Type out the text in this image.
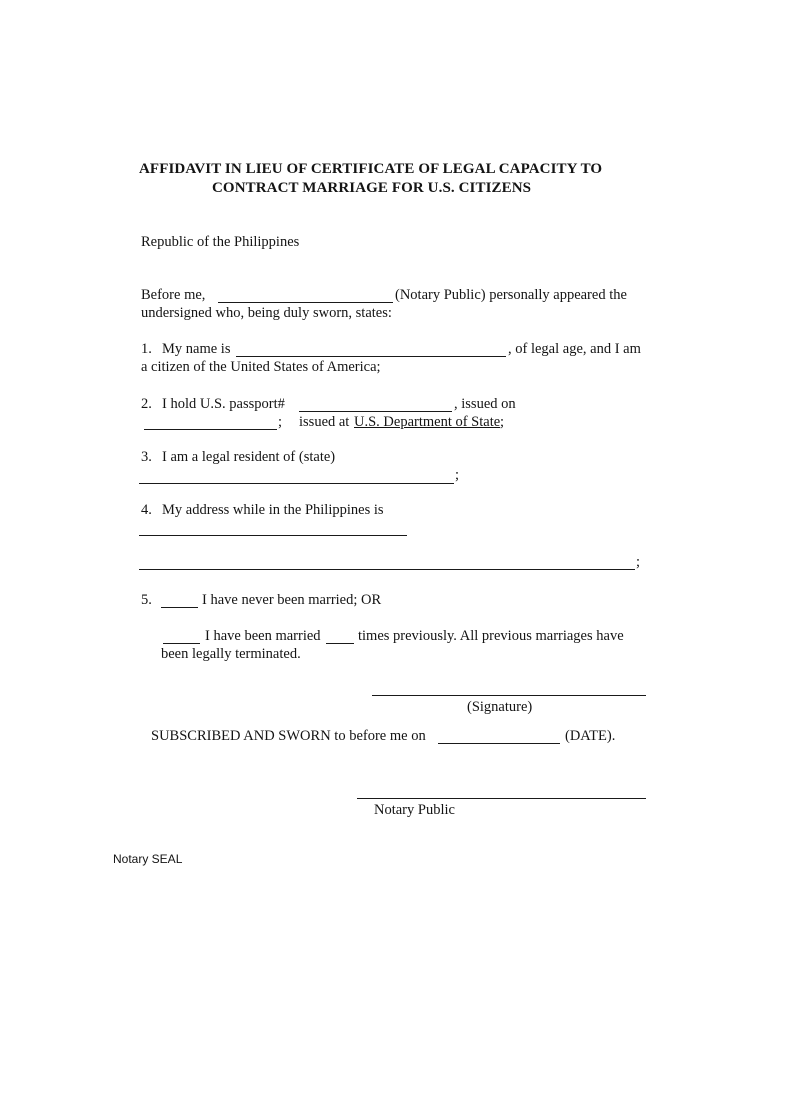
AFFIDAVIT IN LIEU OF CERTIFICATE OF LEGAL CAPACITY TO
CONTRACT MARRIAGE FOR U.S. CITIZENS
Republic of the Philippines
Before me,	(Notary Public) personally appeared the
undersigned who, being duly sworn, states:
1. My name is	, of legal age, and I am
a citizen of the United States of America;
2. I hold U.S. passport#	, issued on
; issued at U.S. Department of State ;
3. I am a legal resident of (state)
;
4. My address while in the Philippines is
;
5.	I have never been married; OR
I have been married	times previously. All previous marriages have
been legally terminated.
(Signature)
SUBSCRIBED AND SWORN to before me on	(DATE).
Notary Public
Notary SEAL
